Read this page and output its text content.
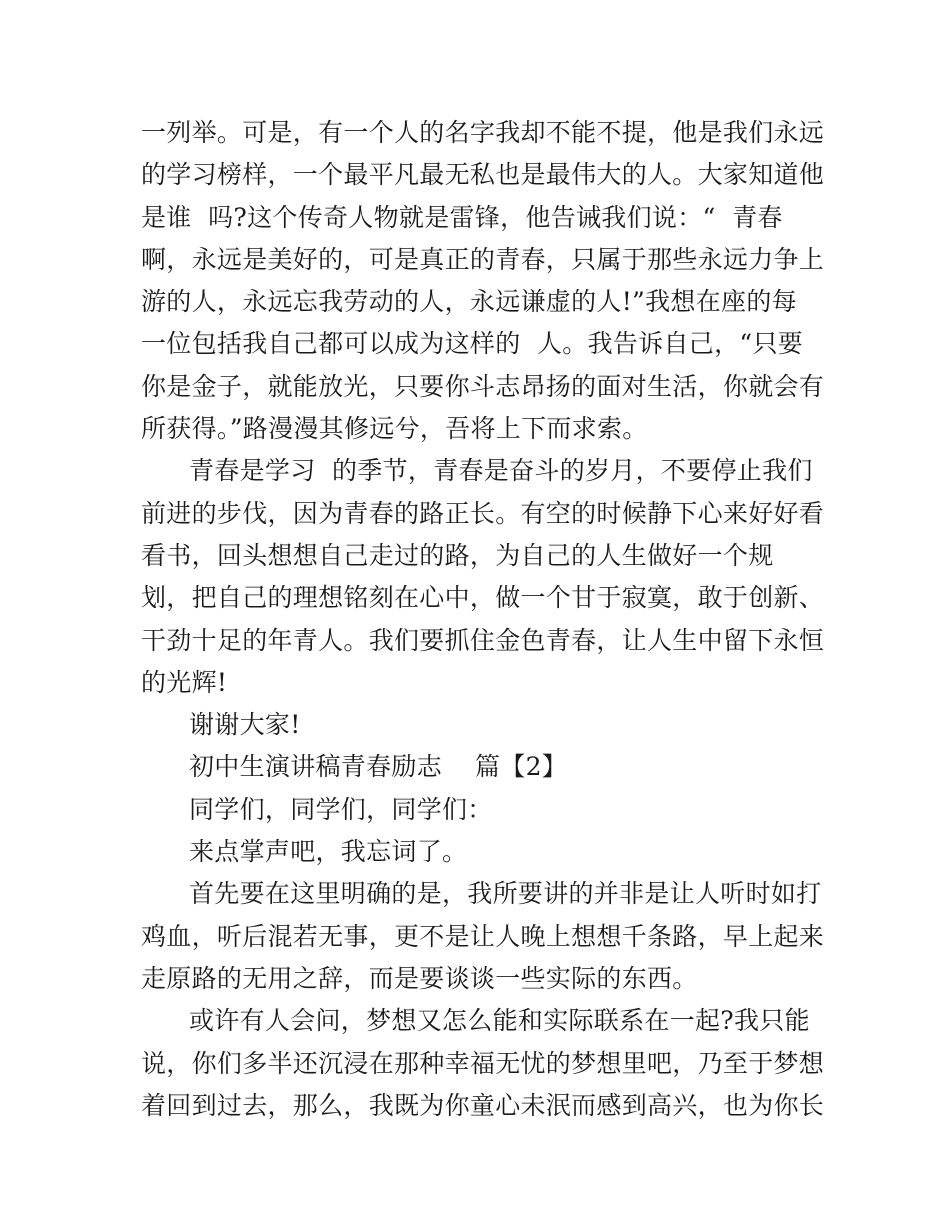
一列举。可是，有一个人的名字我却不能不提，他是我们永远
的学习榜样，一个最平凡最无私也是最伟大的人。大家知道他
是谁  吗?这个传奇人物就是雷锋，他告诫我们说：“  青春
啊，永远是美好的，可是真正的青春，只属于那些永远力争上
游的人，永远忘我劳动的人，永远谦虚的人!”我想在座的每
一位包括我自己都可以成为这样的  人。我告诉自己，“只要
你是金子，就能放光，只要你斗志昂扬的面对生活，你就会有
所获得。”路漫漫其修远兮，吾将上下而求索。
青春是学习  的季节，青春是奋斗的岁月，不要停止我们
前进的步伐，因为青春的路正长。有空的时候静下心来好好看
看书，回头想想自己走过的路，为自己的人生做好一个规
划，把自己的理想铭刻在心中，做一个甘于寂寞，敢于创新、
干劲十足的年青人。我们要抓住金色青春，让人生中留下永恒
的光辉!
谢谢大家!
初中生演讲稿青春励志    篇【2】
同学们，同学们，同学们：
来点掌声吧，我忘词了。
首先要在这里明确的是，我所要讲的并非是让人听时如打
鸡血，听后混若无事，更不是让人晚上想想千条路，早上起来
走原路的无用之辞，而是要谈谈一些实际的东西。
或许有人会问，梦想又怎么能和实际联系在一起?我只能
说，你们多半还沉浸在那种幸福无忧的梦想里吧，乃至于梦想
着回到过去，那么，我既为你童心未泯而感到高兴，也为你长
